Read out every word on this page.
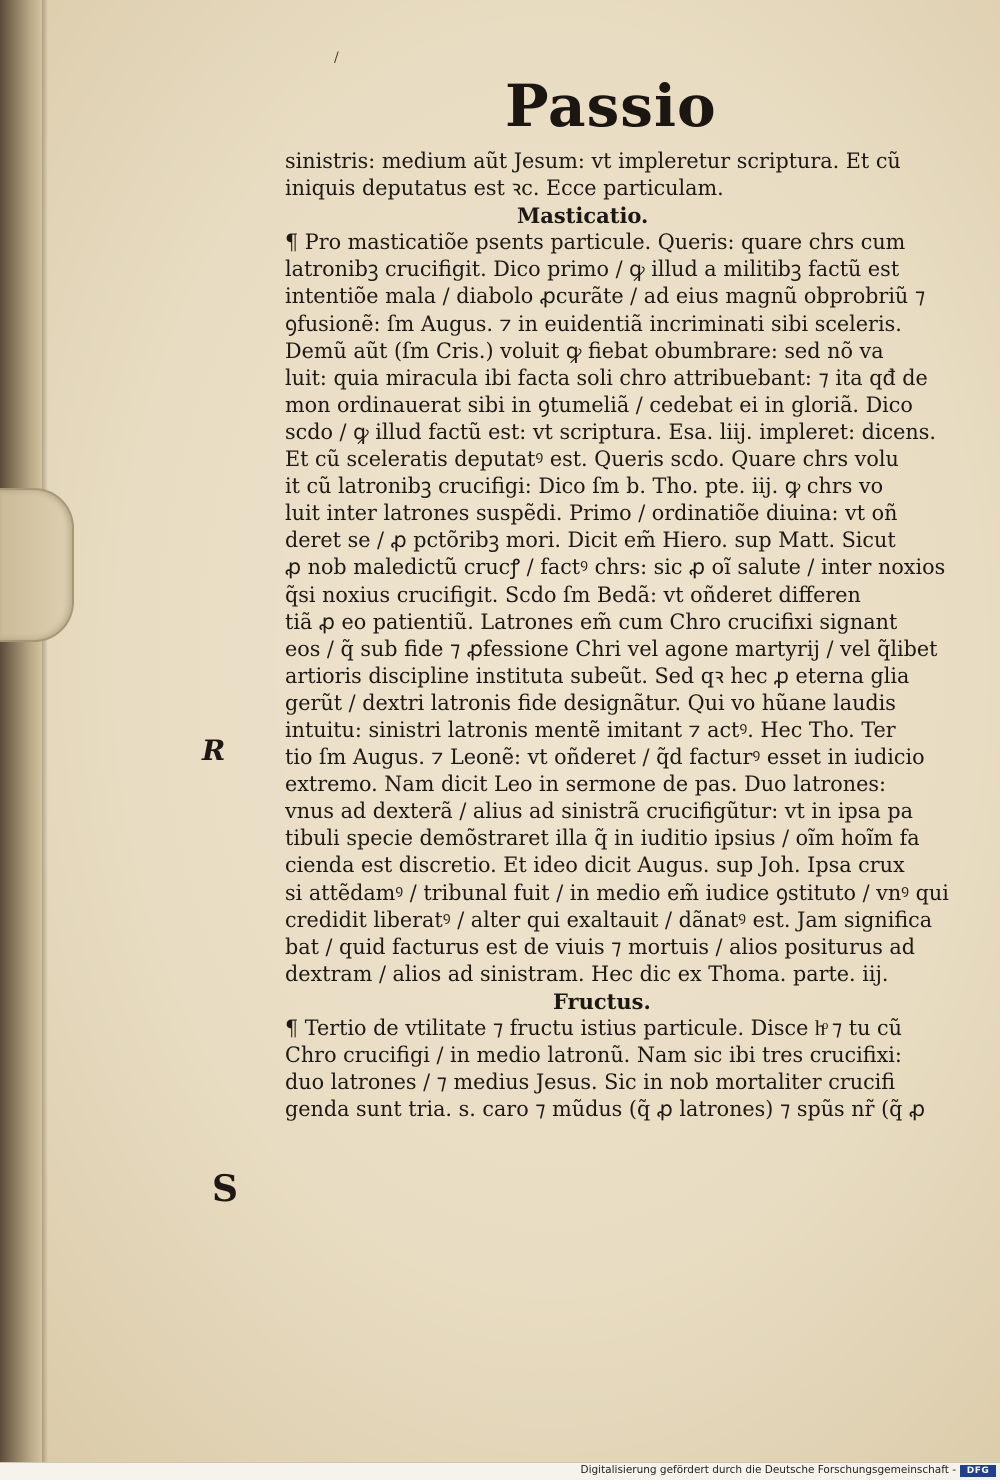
/
Passio
sinistris: medium aũt Jesum: vt impleretur scriptura. Et cũ
iniquis deputatus est ꝛc. Ecce particulam.
Masticatio.
¶ Pro masticatiõe psents particule. Queris: quare chrs cum
latronibꝫ crucifigit. Dico primo / ꝙ illud a militibꝫ factũ est
intentiõe mala / diabolo ꝓcurãte / ad eius magnũ obprobriũ ⁊
ꝯfusionẽ: ſm Augus. ⁊ in euidentiã incriminati sibi sceleris.
Demũ aũt (ſm Cris.) voluit ꝙ fiebat obumbrare: sed nõ va
luit: quia miracula ibi facta soli chro attribuebant: ⁊ ita qđ de
mon ordinauerat sibi in ꝯtumeliã / cedebat ei in gloriã. Dico
scdo / ꝙ illud factũ est: vt scriptura. Esa. liij. impleret: dicens.
Et cũ sceleratis deputatꝰ est. Queris scdo. Quare chrs volu
it cũ latronibꝫ crucifigi: Dico ſm b. Tho. pte. iij. ꝙ chrs vo
luit inter latrones suspẽdi. Primo / ordinatiõe diuina: vt oñ
deret se / ꝓ pctõribꝫ mori. Dicit em̃ Hiero. sup Matt. Sicut
ꝓ nob maledictũ crucꝭ / factꝰ chrs: sic ꝓ oĩ salute / inter noxios
q̃si noxius crucifigit. Scdo ſm Bedã: vt oñderet differen
tiã ꝓ eo patientiũ. Latrones em̃ cum Chro crucifixi signant
eos / q̃ sub fide ⁊ ꝓfessione Chri vel agone martyrij / vel q̃libet
artioris discipline instituta subeũt. Sed qꝛ hec ꝓ eterna glia
gerũt / dextri latronis fide designãtur. Qui vo hũane laudis
intuitu: sinistri latronis mentẽ imitant ⁊ actꝰ. Hec Tho. Ter
tio ſm Augus. ⁊ Leonẽ: vt oñderet / q̃d facturꝰ esset in iudicio
extremo. Nam dicit Leo in sermone de pas. Duo latrones:
vnus ad dexterã / alius ad sinistrã crucifigũtur: vt in ipsa pa
tibuli specie demõstraret illa q̃ in iuditio ipsius / oĩm hoĩm fa
cienda est discretio. Et ideo dicit Augus. sup Joh. Ipsa crux
si attẽdamꝰ / tribunal fuit / in medio em̃ iudice ꝯstituto / vnꝰ qui
credidit liberatꝰ / alter qui exaltauit / dãnatꝰ est. Jam significa
bat / quid facturus est de viuis ⁊ mortuis / alios positurus ad
dextram / alios ad sinistram. Hec dic ex Thoma. parte. iij.
Fructus.
¶ Tertio de vtilitate ⁊ fructu istius particule. Disce hͦ ⁊ tu cũ
Chro crucifigi / in medio latronũ. Nam sic ibi tres crucifixi:
duo latrones / ⁊ medius Jesus. Sic in nob mortaliter crucifi
genda sunt tria. s. caro ⁊ mũdus (q̃ ꝓ latrones) ⁊ spũs nr̃ (q̃ ꝓ
R
S
Digitalisierung gefördert durch die Deutsche Forschungsgemeinschaft -	DFG
